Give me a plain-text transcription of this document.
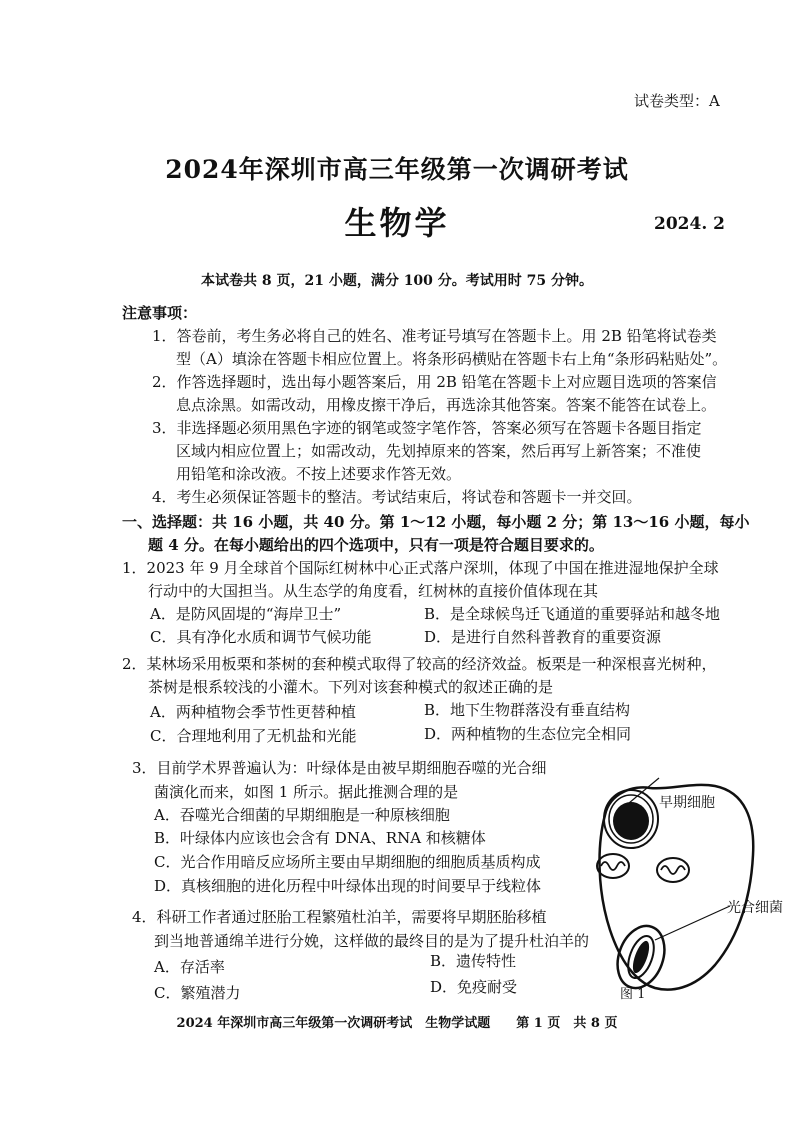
试卷类型：A
2024年深圳市高三年级第一次调研考试
生物学	2024. 2
本试卷共 8 页，21 小题，满分 100 分。考试用时 75 分钟。
注意事项：
1．答卷前，考生务必将自己的姓名、准考证号填写在答题卡上。用 2B 铅笔将试卷类
型（A）填涂在答题卡相应位置上。将条形码横贴在答题卡右上角“条形码粘贴处”。
2．作答选择题时，选出每小题答案后，用 2B 铅笔在答题卡上对应题目选项的答案信
息点涂黑。如需改动，用橡皮擦干净后，再选涂其他答案。答案不能答在试卷上。
3．非选择题必须用黑色字迹的钢笔或签字笔作答，答案必须写在答题卡各题目指定
区域内相应位置上；如需改动，先划掉原来的答案，然后再写上新答案；不准使
用铅笔和涂改液。不按上述要求作答无效。
4．考生必须保证答题卡的整洁。考试结束后，将试卷和答题卡一并交回。
一、选择题：共 16 小题，共 40 分。第 1～12 小题，每小题 2 分；第 13～16 小题，每小
题 4 分。在每小题给出的四个选项中，只有一项是符合题目要求的。
1．2023 年 9 月全球首个国际红树林中心正式落户深圳，体现了中国在推进湿地保护全球
行动中的大国担当。从生态学的角度看，红树林的直接价值体现在其
A．是防风固堤的“海岸卫士”	B．是全球候鸟迁飞通道的重要驿站和越冬地
C．具有净化水质和调节气候功能	D．是进行自然科普教育的重要资源
2．某林场采用板栗和茶树的套种模式取得了较高的经济效益。板栗是一种深根喜光树种，
茶树是根系较浅的小灌木。下列对该套种模式的叙述正确的是
A．两种植物会季节性更替种植	B．地下生物群落没有垂直结构
C．合理地利用了无机盐和光能	D．两种植物的生态位完全相同
3．目前学术界普遍认为：叶绿体是由被早期细胞吞噬的光合细
菌演化而来，如图 1 所示。据此推测合理的是
A．吞噬光合细菌的早期细胞是一种原核细胞
B．叶绿体内应该也会含有 DNA、RNA 和核糖体
C．光合作用暗反应场所主要由早期细胞的细胞质基质构成
D．真核细胞的进化历程中叶绿体出现的时间要早于线粒体
4．科研工作者通过胚胎工程繁殖杜泊羊，需要将早期胚胎移植
到当地普通绵羊进行分娩，这样做的最终目的是为了提升杜泊羊的
A．存活率	B．遗传特性
C．繁殖潜力	D．免疫耐受
早期细胞
光合细菌
图 1
2024 年深圳市高三年级第一次调研考试　生物学试题　　第 1 页　共 8 页
